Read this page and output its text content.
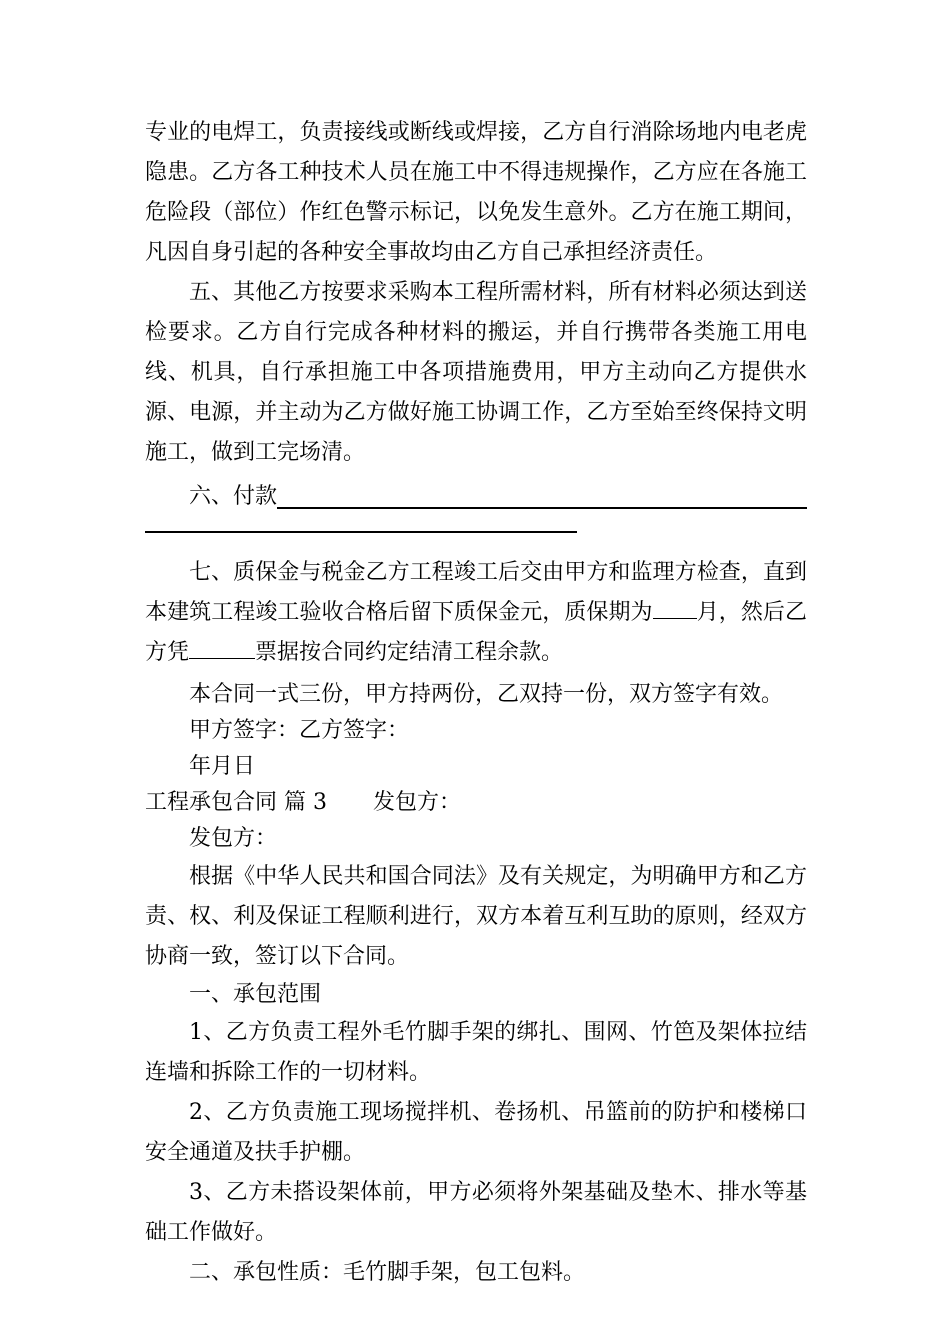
专业的电焊工，负责接线或断线或焊接，乙方自行消除场地内电老虎隐患。乙方各工种技术人员在施工中不得违规操作，乙方应在各施工危险段（部位）作红色警示标记，以免发生意外。乙方在施工期间，凡因自身引起的各种安全事故均由乙方自己承担经济责任。

五、其他乙方按要求采购本工程所需材料，所有材料必须达到送检要求。乙方自行完成各种材料的搬运，并自行携带各类施工用电线、机具，自行承担施工中各项措施费用，甲方主动向乙方提供水源、电源，并主动为乙方做好施工协调工作，乙方至始至终保持文明施工，做到工完场清。

六、付款

七、质保金与税金乙方工程竣工后交由甲方和监理方检查，直到本建筑工程竣工验收合格后留下质保金元，质保期为 月，然后乙方凭	票据按合同约定结清工程余款。

本合同一式三份，甲方持两份，乙双持一份，双方签字有效。

甲方签字：乙方签字：

年月日

工程承包合同 篇 3 发包方：

发包方：

根据《中华人民共和国合同法》及有关规定，为明确甲方和乙方责、权、利及保证工程顺利进行，双方本着互利互助的原则，经双方协商一致，签订以下合同。

一、承包范围

1、乙方负责工程外毛竹脚手架的绑扎、围网、竹笆及架体拉结连墙和拆除工作的一切材料。

2、乙方负责施工现场搅拌机、卷扬机、吊篮前的防护和楼梯口安全通道及扶手护棚。

3、乙方未搭设架体前，甲方必须将外架基础及垫木、排水等基础工作做好。

二、承包性质：毛竹脚手架，包工包料。
